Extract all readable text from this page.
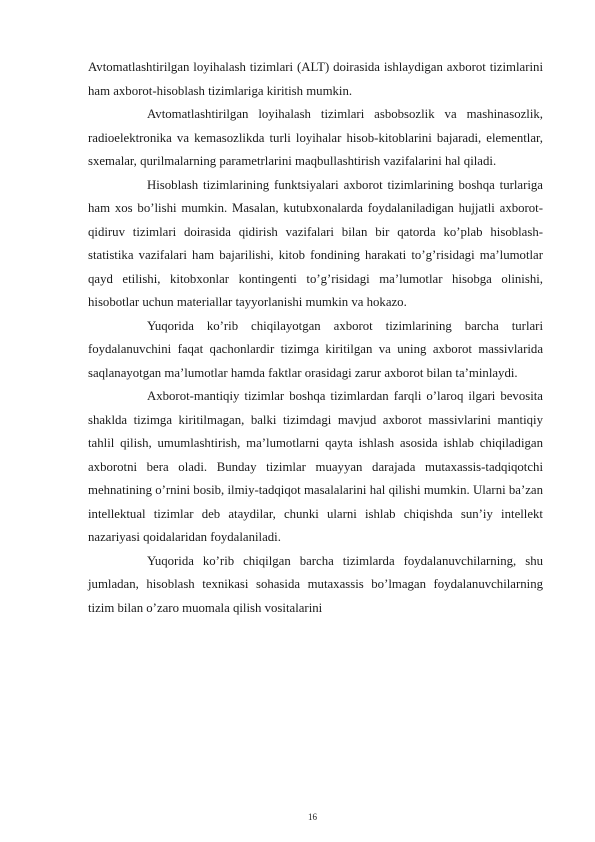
Avtomatlashtirilgan loyihalash tizimlari (ALT) doirasida ishlaydigan axborot tizimlarini ham axborot-hisoblash tizimlariga kiritish mumkin.

Avtomatlashtirilgan loyihalash tizimlari asbobsozlik va mashinasozlik, radioelektronika va kemasozlikda turli loyihalar hisob-kitoblarini bajaradi, elementlar, sxemalar, qurilmalarning parametrlarini maqbullashtirish vazifalarini hal qiladi.

Hisoblash tizimlarining funktsiyalari axborot tizimlarining boshqa turlariga ham xos bo’lishi mumkin. Masalan, kutubxonalarda foydalaniladigan hujjatli axborot-qidiruv tizimlari doirasida qidirish vazifalari bilan bir qatorda ko’plab hisoblash-statistika vazifalari ham bajarilishi, kitob fondining harakati to’g’risidagi ma’lumotlar qayd etilishi, kitobxonlar kontingenti to’g’risidagi ma’lumotlar hisobga olinishi, hisobotlar uchun materiallar tayyorlanishi mumkin va hokazo.

Yuqorida ko’rib chiqilayotgan axborot tizimlarining barcha turlari foydalanuvchini faqat qachonlardir tizimga kiritilgan va uning axborot massivlarida saqlanayotgan ma’lumotlar hamda faktlar orasidagi zarur axborot bilan ta’minlaydi.

Axborot-mantiqiy tizimlar boshqa tizimlardan farqli o’laroq ilgari bevosita shaklda tizimga kiritilmagan, balki tizimdagi mavjud axborot massivlarini mantiqiy tahlil qilish, umumlashtirish, ma’lumotlarni qayta ishlash asosida ishlab chiqiladigan axborotni bera oladi. Bunday tizimlar muayyan darajada mutaxassis-tadqiqotchi mehnatining o’rnini bosib, ilmiy-tadqiqot masalalarini hal qilishi mumkin. Ularni ba’zan intellektual tizimlar deb ataydilar, chunki ularni ishlab chiqishda sun’iy intellekt nazariyasi qoidalaridan foydalaniladi.

Yuqorida ko’rib chiqilgan barcha tizimlarda foydalanuvchilarning, shu jumladan, hisoblash texnikasi sohasida mutaxassis bo’lmagan foydalanuvchilarning tizim bilan o’zaro muomala qilish vositalarini

16
